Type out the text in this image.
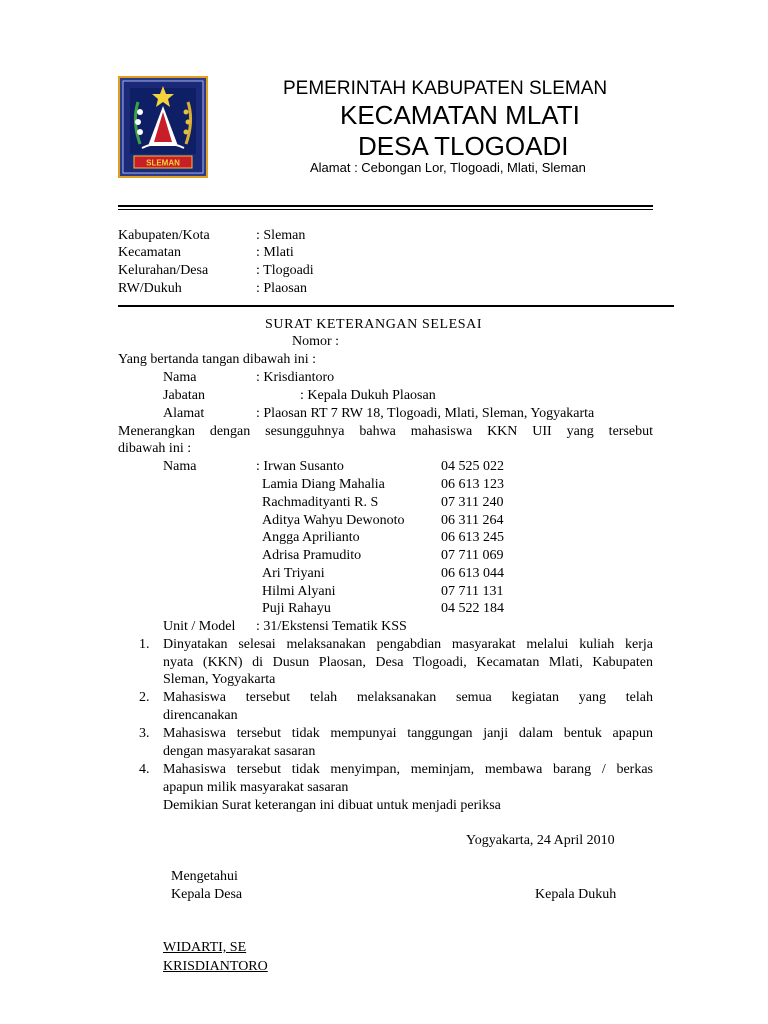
SLEMAN
PEMERINTAH KABUPATEN SLEMAN
KECAMATAN MLATI
DESA TLOGOADI
Alamat : Cebongan Lor, Tlogoadi, Mlati, Sleman
Kabupaten/Kota	: Sleman
Kecamatan	: Mlati
Kelurahan/Desa	: Tlogoadi
RW/Dukuh	: Plaosan
SURAT KETERANGAN SELESAI
Nomor :
Yang bertanda tangan dibawah ini :
Nama	: Krisdiantoro
Jabatan	: Kepala Dukuh Plaosan
Alamat	: Plaosan RT 7 RW 18, Tlogoadi, Mlati, Sleman, Yogyakarta
Menerangkan dengan sesungguhnya bahwa mahasiswa KKN UII yang tersebut
dibawah ini :
Nama	: Irwan Susanto	04 525 022
Lamia Diang Mahalia	06 613 123
Rachmadityanti R. S	07 311 240
Aditya Wahyu Dewonoto	06 311 264
Angga Aprilianto	06 613 245
Adrisa Pramudito	07 711 069
Ari Triyani	06 613 044
Hilmi Alyani	07 711 131
Puji Rahayu	04 522 184
Unit / Model : 31/Ekstensi Tematik KSS
1. Dinyatakan selesai melaksanakan pengabdian masyarakat melalui kuliah kerja
nyata (KKN) di Dusun Plaosan, Desa Tlogoadi, Kecamatan Mlati, Kabupaten
Sleman, Yogyakarta
2. Mahasiswa tersebut telah melaksanakan semua kegiatan yang telah
direncanakan
3. Mahasiswa tersebut tidak mempunyai tanggungan janji dalam bentuk apapun
dengan masyarakat sasaran
4. Mahasiswa tersebut tidak menyimpan, meminjam, membawa barang / berkas
apapun milik masyarakat sasaran
Demikian Surat keterangan ini dibuat untuk menjadi periksa
Yogyakarta, 24 April 2010
Mengetahui
Kepala Desa	Kepala Dukuh
WIDARTI, SE
KRISDIANTORO
